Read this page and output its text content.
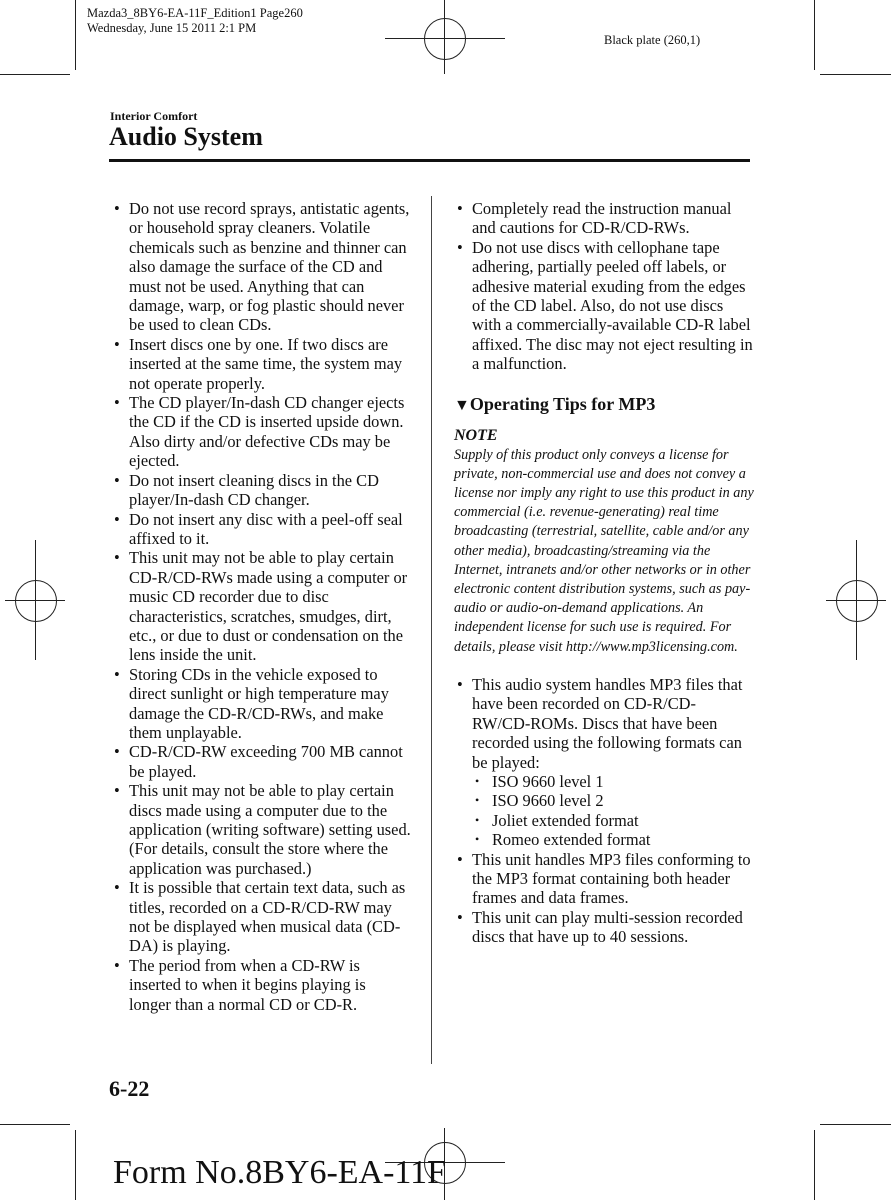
Mazda3_8BY6-EA-11F_Edition1 Page260
Wednesday, June 15 2011 2:1 PM
Black plate (260,1)
Interior Comfort
Audio System
• Do not use record sprays, antistatic agents, or household spray cleaners. Volatile chemicals such as benzine and thinner can also damage the surface of the CD and must not be used. Anything that can damage, warp, or fog plastic should never be used to clean CDs.
• Insert discs one by one. If two discs are inserted at the same time, the system may not operate properly.
• The CD player/In-dash CD changer ejects the CD if the CD is inserted upside down. Also dirty and/or defective CDs may be ejected.
• Do not insert cleaning discs in the CD player/In-dash CD changer.
• Do not insert any disc with a peel-off seal affixed to it.
• This unit may not be able to play certain CD-R/CD-RWs made using a computer or music CD recorder due to disc characteristics, scratches, smudges, dirt, etc., or due to dust or condensation on the lens inside the unit.
• Storing CDs in the vehicle exposed to direct sunlight or high temperature may damage the CD-R/CD-RWs, and make them unplayable.
• CD-R/CD-RW exceeding 700 MB cannot be played.
• This unit may not be able to play certain discs made using a computer due to the application (writing software) setting used. (For details, consult the store where the application was purchased.)
• It is possible that certain text data, such as titles, recorded on a CD-R/CD-RW may not be displayed when musical data (CD-DA) is playing.
• The period from when a CD-RW is inserted to when it begins playing is longer than a normal CD or CD-R.
• Completely read the instruction manual and cautions for CD-R/CD-RWs.
• Do not use discs with cellophane tape adhering, partially peeled off labels, or adhesive material exuding from the edges of the CD label. Also, do not use discs with a commercially-available CD-R label affixed. The disc may not eject resulting in a malfunction.
▼Operating Tips for MP3
NOTE
Supply of this product only conveys a license for private, non-commercial use and does not convey a license nor imply any right to use this product in any commercial (i.e. revenue-generating) real time broadcasting (terrestrial, satellite, cable and/or any other media), broadcasting/streaming via the Internet, intranets and/or other networks or in other electronic content distribution systems, such as pay-audio or audio-on-demand applications. An independent license for such use is required. For details, please visit http://www.mp3licensing.com.
• This audio system handles MP3 files that have been recorded on CD-R/CD-RW/CD-ROMs. Discs that have been recorded using the following formats can be played:
• ISO 9660 level 1
• ISO 9660 level 2
• Joliet extended format
• Romeo extended format
• This unit handles MP3 files conforming to the MP3 format containing both header frames and data frames.
• This unit can play multi-session recorded discs that have up to 40 sessions.
6-22
Form No.8BY6-EA-11F
